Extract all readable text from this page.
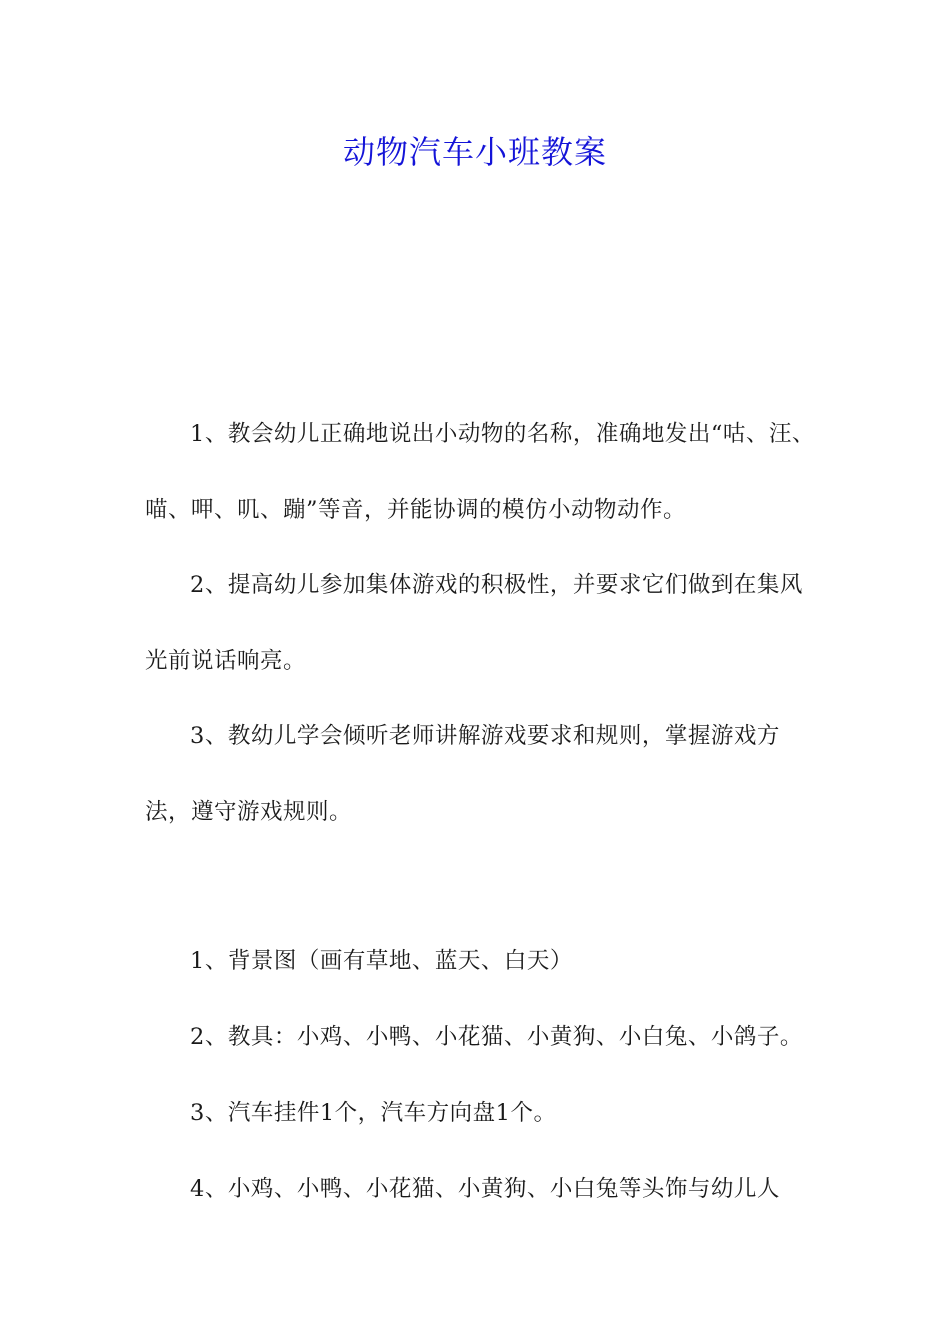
动物汽车小班教案

1、教会幼儿正确地说出小动物的名称，准确地发出“咕、汪、喵、呷、叽、蹦”等音，并能协调的模仿小动物动作。

2、提高幼儿参加集体游戏的积极性，并要求它们做到在集风光前说话响亮。

3、教幼儿学会倾听老师讲解游戏要求和规则，掌握游戏方法，遵守游戏规则。

1、背景图（画有草地、蓝天、白天）

2、教具：小鸡、小鸭、小花猫、小黄狗、小白兔、小鸽子。

3、汽车挂件1个，汽车方向盘1个。

4、小鸡、小鸭、小花猫、小黄狗、小白兔等头饰与幼儿人
